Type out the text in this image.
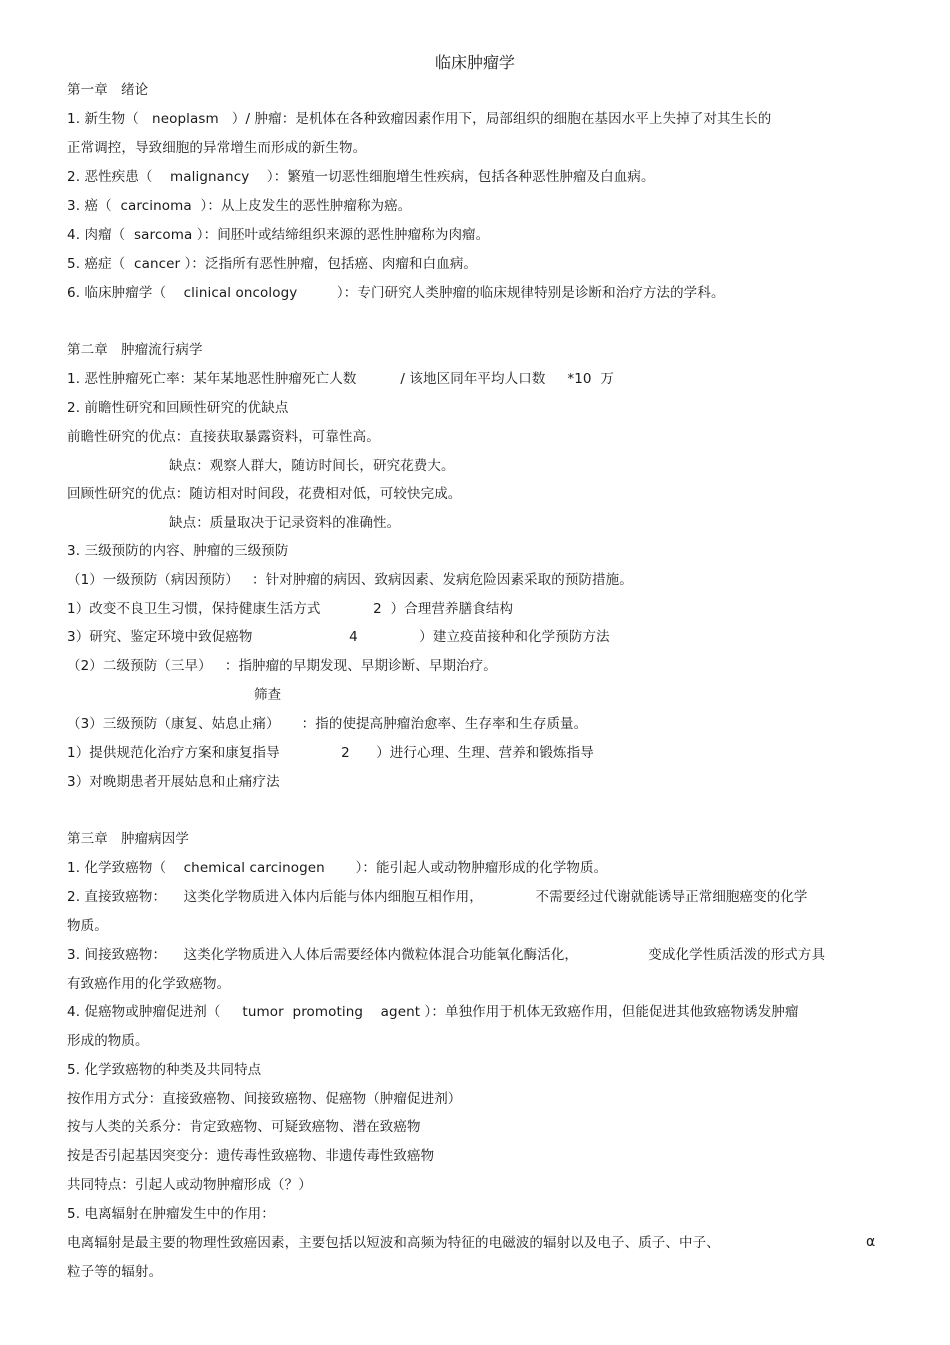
临床肿瘤学
第一章   绪论
1. 新生物（   neoplasm   ）/ 肿瘤：是机体在各种致瘤因素作用下，局部组织的细胞在基因水平上失掉了对其生长的
正常调控，导致细胞的异常增生而形成的新生物。
2. 恶性疾患（    malignancy    ）：繁殖一切恶性细胞增生性疾病，包括各种恶性肿瘤及白血病。
3. 癌（  carcinoma  ）：从上皮发生的恶性肿瘤称为癌。
4. 肉瘤（  sarcoma ）：间胚叶或结缔组织来源的恶性肿瘤称为肉瘤。
5. 癌症（  cancer ）：泛指所有恶性肿瘤，包括癌、肉瘤和白血病。
6. 临床肿瘤学（    clinical oncology         ）：专门研究人类肿瘤的临床规律特别是诊断和治疗方法的学科。
第二章   肿瘤流行病学
1. 恶性肿瘤死亡率：某年某地恶性肿瘤死亡人数          / 该地区同年平均人口数     *10  万
2. 前瞻性研究和回顾性研究的优缺点
前瞻性研究的优点：直接获取暴露资料，可靠性高。
缺点：观察人群大，随访时间长，研究花费大。
回顾性研究的优点：随访相对时间段，花费相对低，可较快完成。
缺点：质量取决于记录资料的准确性。
3. 三级预防的内容、肿瘤的三级预防
（1）一级预防（病因预防）   ：针对肿瘤的病因、致病因素、发病危险因素采取的预防措施。
1）改变不良卫生习惯，保持健康生活方式            2  ）合理营养膳食结构
3）研究、鉴定环境中致促癌物                      4              ）建立疫苗接种和化学预防方法
（2）二级预防（三早）   ：指肿瘤的早期发现、早期诊断、早期治疗。
筛查
（3）三级预防（康复、姑息止痛）     ：指的使提高肿瘤治愈率、生存率和生存质量。
1）提供规范化治疗方案和康复指导              2      ）进行心理、生理、营养和锻炼指导
3）对晚期患者开展姑息和止痛疗法
第三章   肿瘤病因学
1. 化学致癌物（    chemical carcinogen       ）：能引起人或动物肿瘤形成的化学物质。
2. 直接致癌物：    这类化学物质进入体内后能与体内细胞互相作用，            不需要经过代谢就能诱导正常细胞癌变的化学
物质。
3. 间接致癌物：    这类化学物质进入人体后需要经体内微粒体混合功能氧化酶活化，                变成化学性质活泼的形式方具
有致癌作用的化学致癌物。
4. 促癌物或肿瘤促进剂（     tumor  promoting    agent ）：单独作用于机体无致癌作用，但能促进其他致癌物诱发肿瘤
形成的物质。
5. 化学致癌物的种类及共同特点
按作用方式分：直接致癌物、间接致癌物、促癌物（肿瘤促进剂）
按与人类的关系分：肯定致癌物、可疑致癌物、潜在致癌物
按是否引起基因突变分：遗传毒性致癌物、非遗传毒性致癌物
共同特点：引起人或动物肿瘤形成（？）
5. 电离辐射在肿瘤发生中的作用：
电离辐射是最主要的物理性致癌因素，主要包括以短波和高频为特征的电磁波的辐射以及电子、质子、中子、	α
粒子等的辐射。
